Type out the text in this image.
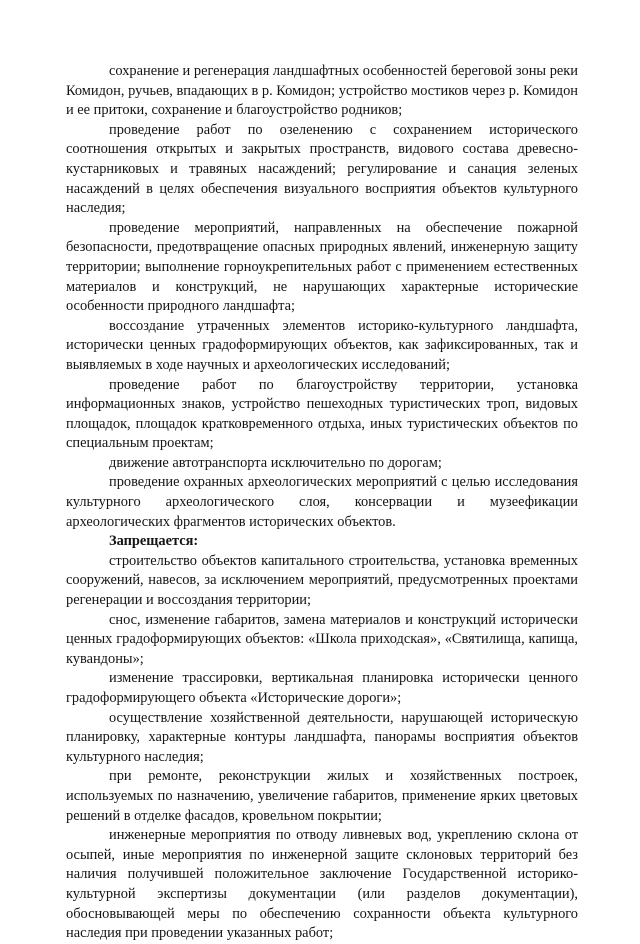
сохранение и регенерация ландшафтных особенностей береговой зоны реки Комидон, ручьев, впадающих в р. Комидон; устройство мостиков через р. Комидон и ее притоки, сохранение и благоустройство родников;

проведение работ по озеленению с сохранением исторического соотношения открытых и закрытых пространств, видового состава древесно-кустарниковых и травяных насаждений; регулирование и санация зеленых насаждений в целях обеспечения визуального восприятия объектов культурного наследия;

проведение мероприятий, направленных на обеспечение пожарной безопасности, предотвращение опасных природных явлений, инженерную защиту территории; выполнение горноукрепительных работ с применением естественных материалов и конструкций, не нарушающих характерные исторические особенности природного ландшафта;

воссоздание утраченных элементов историко-культурного ландшафта, исторически ценных градоформирующих объектов, как зафиксированных, так и выявляемых в ходе научных и археологических исследований;

проведение работ по благоустройству территории, установка информационных знаков, устройство пешеходных туристических троп, видовых площадок, площадок кратковременного отдыха, иных туристических объектов по специальным проектам;

движение автотранспорта исключительно по дорогам;

проведение охранных археологических мероприятий с целью исследования культурного археологического слоя, консервации и музеефикации археологических фрагментов исторических объектов.

Запрещается:

строительство объектов капитального строительства, установка временных сооружений, навесов, за исключением мероприятий, предусмотренных проектами регенерации и воссоздания территории;

снос, изменение габаритов, замена материалов и конструкций исторически ценных градоформирующих объектов: «Школа приходская», «Святилища, капища, кувандоны»;

изменение трассировки, вертикальная планировка исторически ценного градоформирующего объекта «Исторические дороги»;

осуществление хозяйственной деятельности, нарушающей историческую планировку, характерные контуры ландшафта, панорамы восприятия объектов культурного наследия;

при ремонте, реконструкции жилых и хозяйственных построек, используемых по назначению, увеличение габаритов, применение ярких цветовых решений в отделке фасадов, кровельном покрытии;

инженерные мероприятия по отводу ливневых вод, укреплению склона от осыпей, иные мероприятия по инженерной защите склоновых территорий без наличия получившей положительное заключение Государственной историко-культурной экспертизы документации (или разделов документации), обосновывающей меры по обеспечению сохранности объекта культурного наследия при проведении указанных работ;
